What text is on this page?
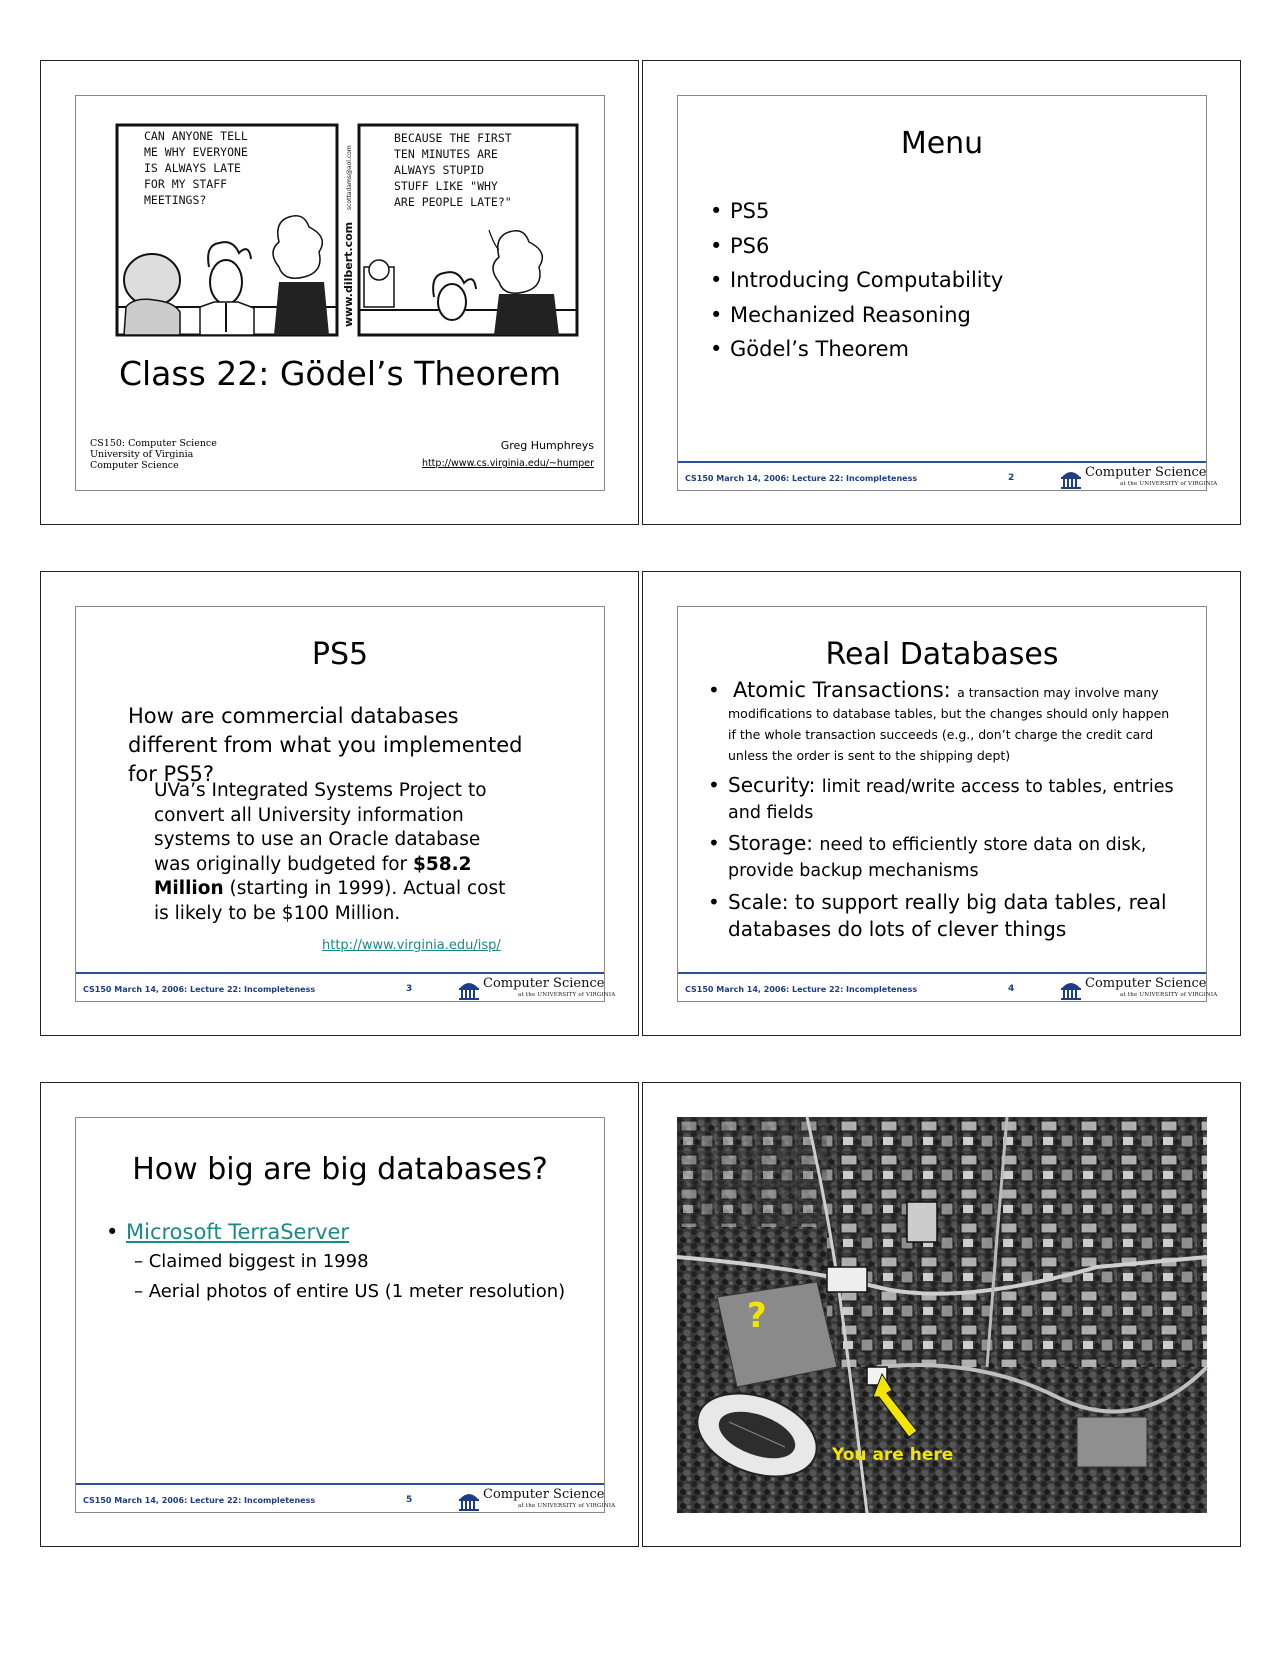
CAN ANYONE TELL
ME WHY EVERYONE
IS ALWAYS LATE
FOR MY STAFF
MEETINGS?
www.dilbert.com
scottadams@aol.com
BECAUSE THE FIRST
TEN MINUTES ARE
ALWAYS STUPID
STUFF LIKE "WHY
ARE PEOPLE LATE?"
Class 22: Gödel’s Theorem
CS150: Computer Science
University of Virginia
Computer Science
Greg Humphreys
http://www.cs.virginia.edu/~humper
Menu
• PS5
• PS6
• Introducing Computability
• Mechanized Reasoning
• Gödel’s Theorem
CS150 March 14, 2006: Lecture 22: Incompleteness	2	Computer Science
at the UNIVERSITY of VIRGINIA
PS5
How are commercial databases different from what you implemented for PS5?
UVa’s Integrated Systems Project to convert all University information systems to use an Oracle database was originally budgeted for $58.2 Million (starting in 1999). Actual cost is likely to be $100 Million.
http://www.virginia.edu/isp/
CS150 March 14, 2006: Lecture 22: Incompleteness	3	Computer Science
at the UNIVERSITY of VIRGINIA
Real Databases
• Atomic Transactions: a transaction may involve many modifications to database tables, but the changes should only happen if the whole transaction succeeds (e.g., don’t charge the credit card unless the order is sent to the shipping dept)
• Security: limit read/write access to tables, entries and fields
• Storage: need to efficiently store data on disk, provide backup mechanisms
• Scale: to support really big data tables, real databases do lots of clever things
CS150 March 14, 2006: Lecture 22: Incompleteness	4	Computer Science
at the UNIVERSITY of VIRGINIA
How big are big databases?
• Microsoft TerraServer
– Claimed biggest in 1998
– Aerial photos of entire US (1 meter resolution)
CS150 March 14, 2006: Lecture 22: Incompleteness	5	Computer Science
at the UNIVERSITY of VIRGINIA
?
You are here
